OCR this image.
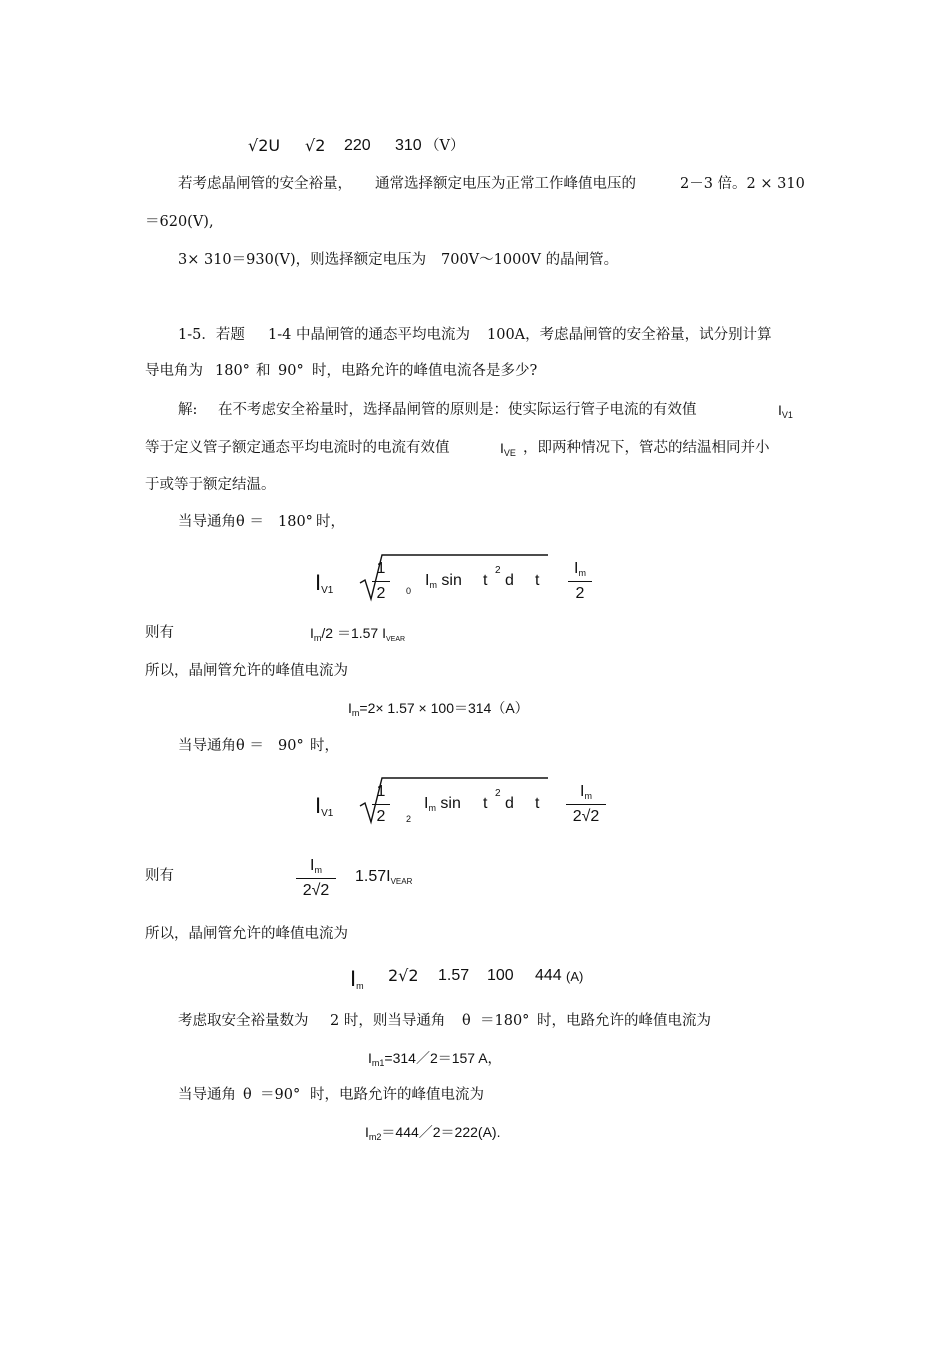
√2U √2 220 310 （V）
若考虑晶闸管的安全裕量， 通常选择额定电压为正常工作峰值电压的	2－3 倍。2 × 310
＝620(V),
3× 310＝930(V)，则选择额定电压为 700V～1000V 的晶闸管。
1-5．若题 1-4 中晶闸管的通态平均电流为 100A，考虑晶闸管的安全裕量，试分别计算
导电角为 180° 和 90° 时，电路允许的峰值电流各是多少?
解: 在不考虑安全裕量时，选择晶闸管的原则是：使实际运行管子电流的有效值	$I_{V1}$
等于定义管子额定通态平均电流时的电流有效值	$I_{VE}$ ，即两种情况下，管芯的结温相同并小
于或等于额定结温。
当导通角θ ＝ 180° 时，
$I_{V1}$
1
2	0
$I_m$ sin t
2
d t
$I_m$
2
则有	$I_m/2 =1.57$ $I_{VEAR}$
所以，晶闸管允许的峰值电流为
$I_m=2\times 1.57 \times 100=314(A)$
当导通角θ ＝ 90° 时，
$I_{V1}$
1
2	2
$I_m$ sin t
2
d t
$I_m$
2√2
则有
$I_m$
2√2
$1.57I_{VEAR}$
所以，晶闸管允许的峰值电流为
$I_m$
2√2 1.57 100 444 (A)
考虑取安全裕量数为 2 时，则当导通角 θ ＝180° 时，电路允许的峰值电流为
$I_{m1}=314/2=157$ A，
当导通角 θ ＝90° 时，电路允许的峰值电流为
$I_{m2}=444/2=222(A)$.
